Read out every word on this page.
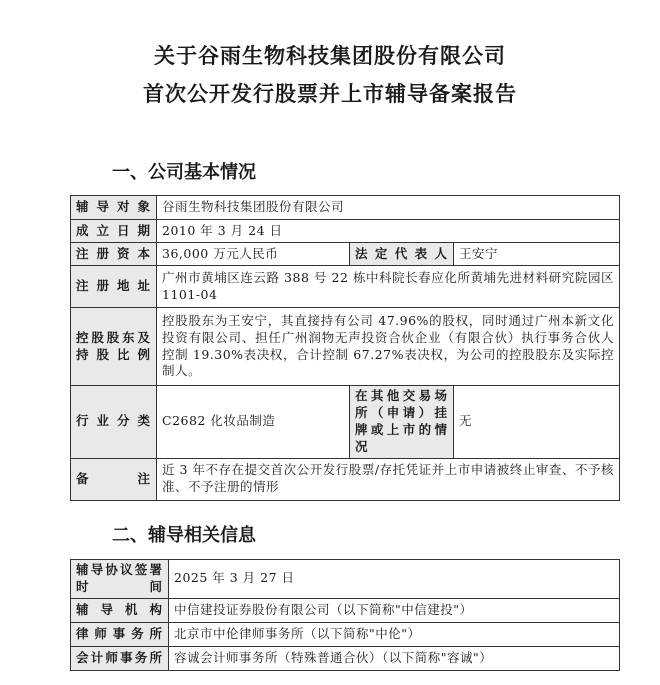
关于谷雨生物科技集团股份有限公司
首次公开发行股票并上市辅导备案报告
一、公司基本情况
辅导对象	谷雨生物科技集团股份有限公司		
成立日期	2010 年 3 月 24 日		
注册资本	36,000 万元人民币	法定代表人	王安宁
注册地址	广州市黄埔区连云路 388 号 22 栋中科院长春应化所黄埔先进材料研究院园区 1101-04		
控股股东及持股比例	控股股东为王安宁，其直接持有公司 47.96%的股权，同时通过广州本新文化投资有限公司、担任广州润物无声投资合伙企业（有限合伙）执行事务合伙人控制 19.30%表决权，合计控制 67.27%表决权，为公司的控股股东及实际控制人。		
行业分类	C2682 化妆品制造	在其他交易场所（申请）挂牌或上市的情况	无
备注	近 3 年不存在提交首次公开发行股票/存托凭证并上市申请被终止审查、不予核准、不予注册的情形		
二、辅导相关信息
辅导协议签署时间	2025 年 3 月 27 日
辅导机构	中信建投证券股份有限公司（以下简称"中信建投"）
律师事务所	北京市中伦律师事务所（以下简称"中伦"）
会计师事务所	容诚会计师事务所（特殊普通合伙）（以下简称"容诚"）
